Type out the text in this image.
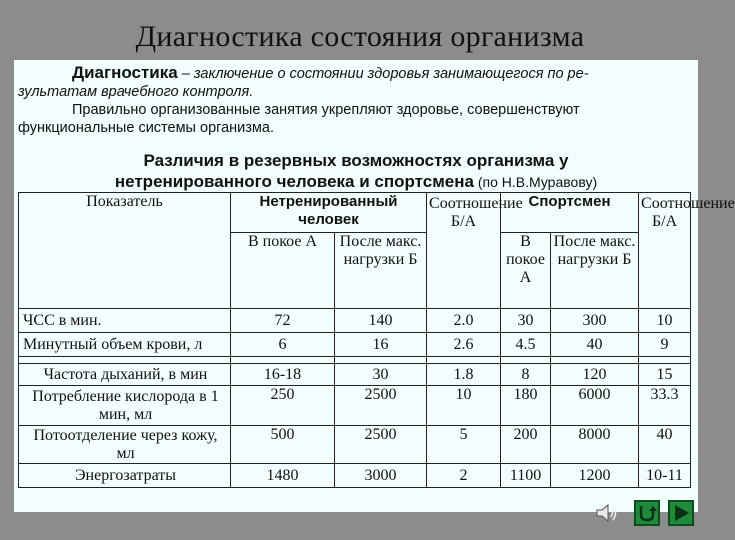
Диагностика состояния организма

Диагностика – заключение о состоянии здоровья занимающегося по ре-

зультатам врачебного контроля.

Правильно организованные занятия укрепляют здоровье, совершенствуют

функциональные системы организма.

Различия в резервных возможностях организма у
нетренированного человека и спортсмена (по Н.В.Муравову)
Показатель	Нетренированный человек		Соотношение Б/А	Спортсмен		Соотношение Б/А
	В покое А	После макс. нагрузки Б		В покое А	После макс. нагрузки Б	
ЧСС в мин.	72	140	2.0	30	300	10
Минутный объем крови, л	6	16	2.6	4.5	40	9

Частота дыханий, в мин	16-18	30	1.8	8	120	15
Потребление кислорода в 1 мин, мл	250	2500	10	180	6000	33.3
Потоотделение через кожу, мл	500	2500	5	200	8000	40
Энергозатраты	1480	3000	2	1100	1200	10-11
